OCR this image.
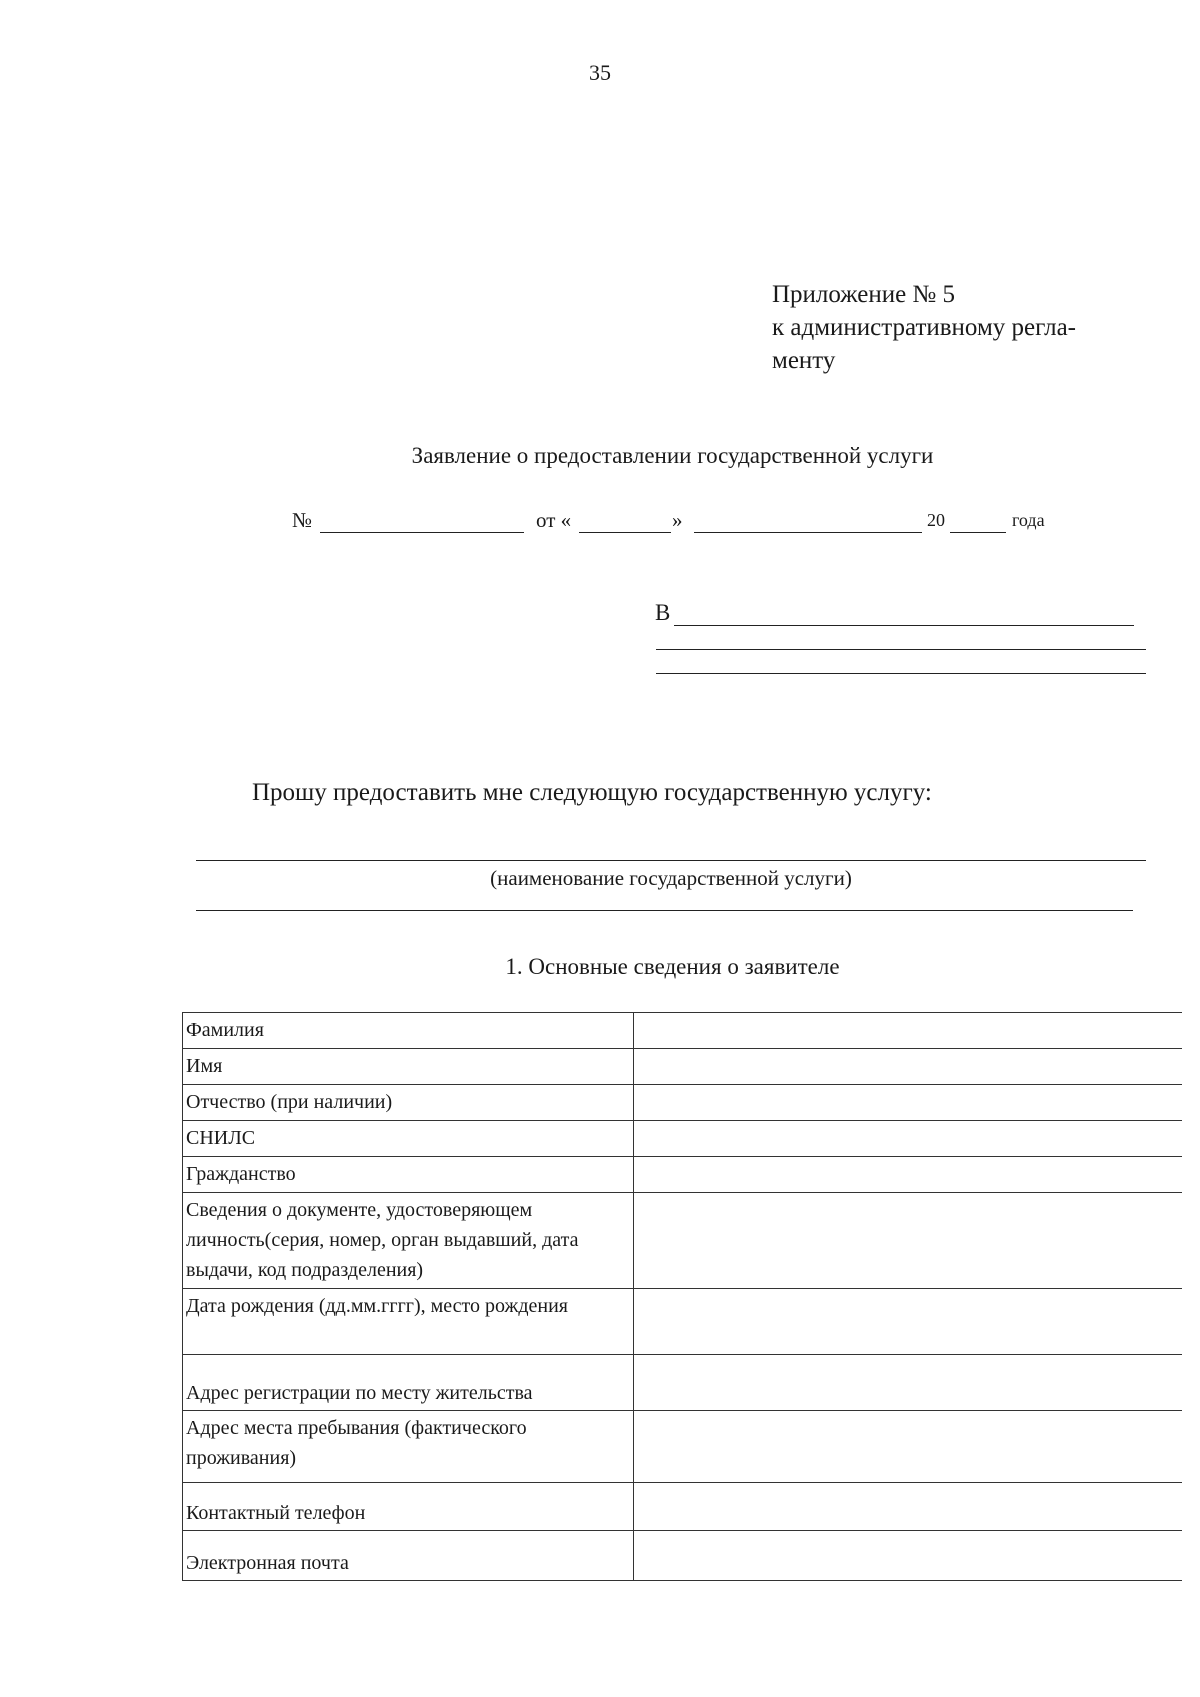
35
Приложение № 5
к административному регла-
менту
Заявление о предоставлении государственной услуги
№	от «	»	20	года
В
Прошу предоставить мне следующую государственную услугу:
(наименование государственной услуги)
1. Основные сведения о заявителе
Фамилия	
Имя	
Отчество (при наличии)	
СНИЛС	
Гражданство	
Сведения о документе, удостоверяющем личность(серия, номер, орган выдавший, дата выдачи, код подразделения)	
Дата рождения (дд.мм.гггг), место рождения	
Адрес регистрации по месту жительства	
Адрес места пребывания (фактического проживания)	
Контактный телефон	
Электронная почта	
